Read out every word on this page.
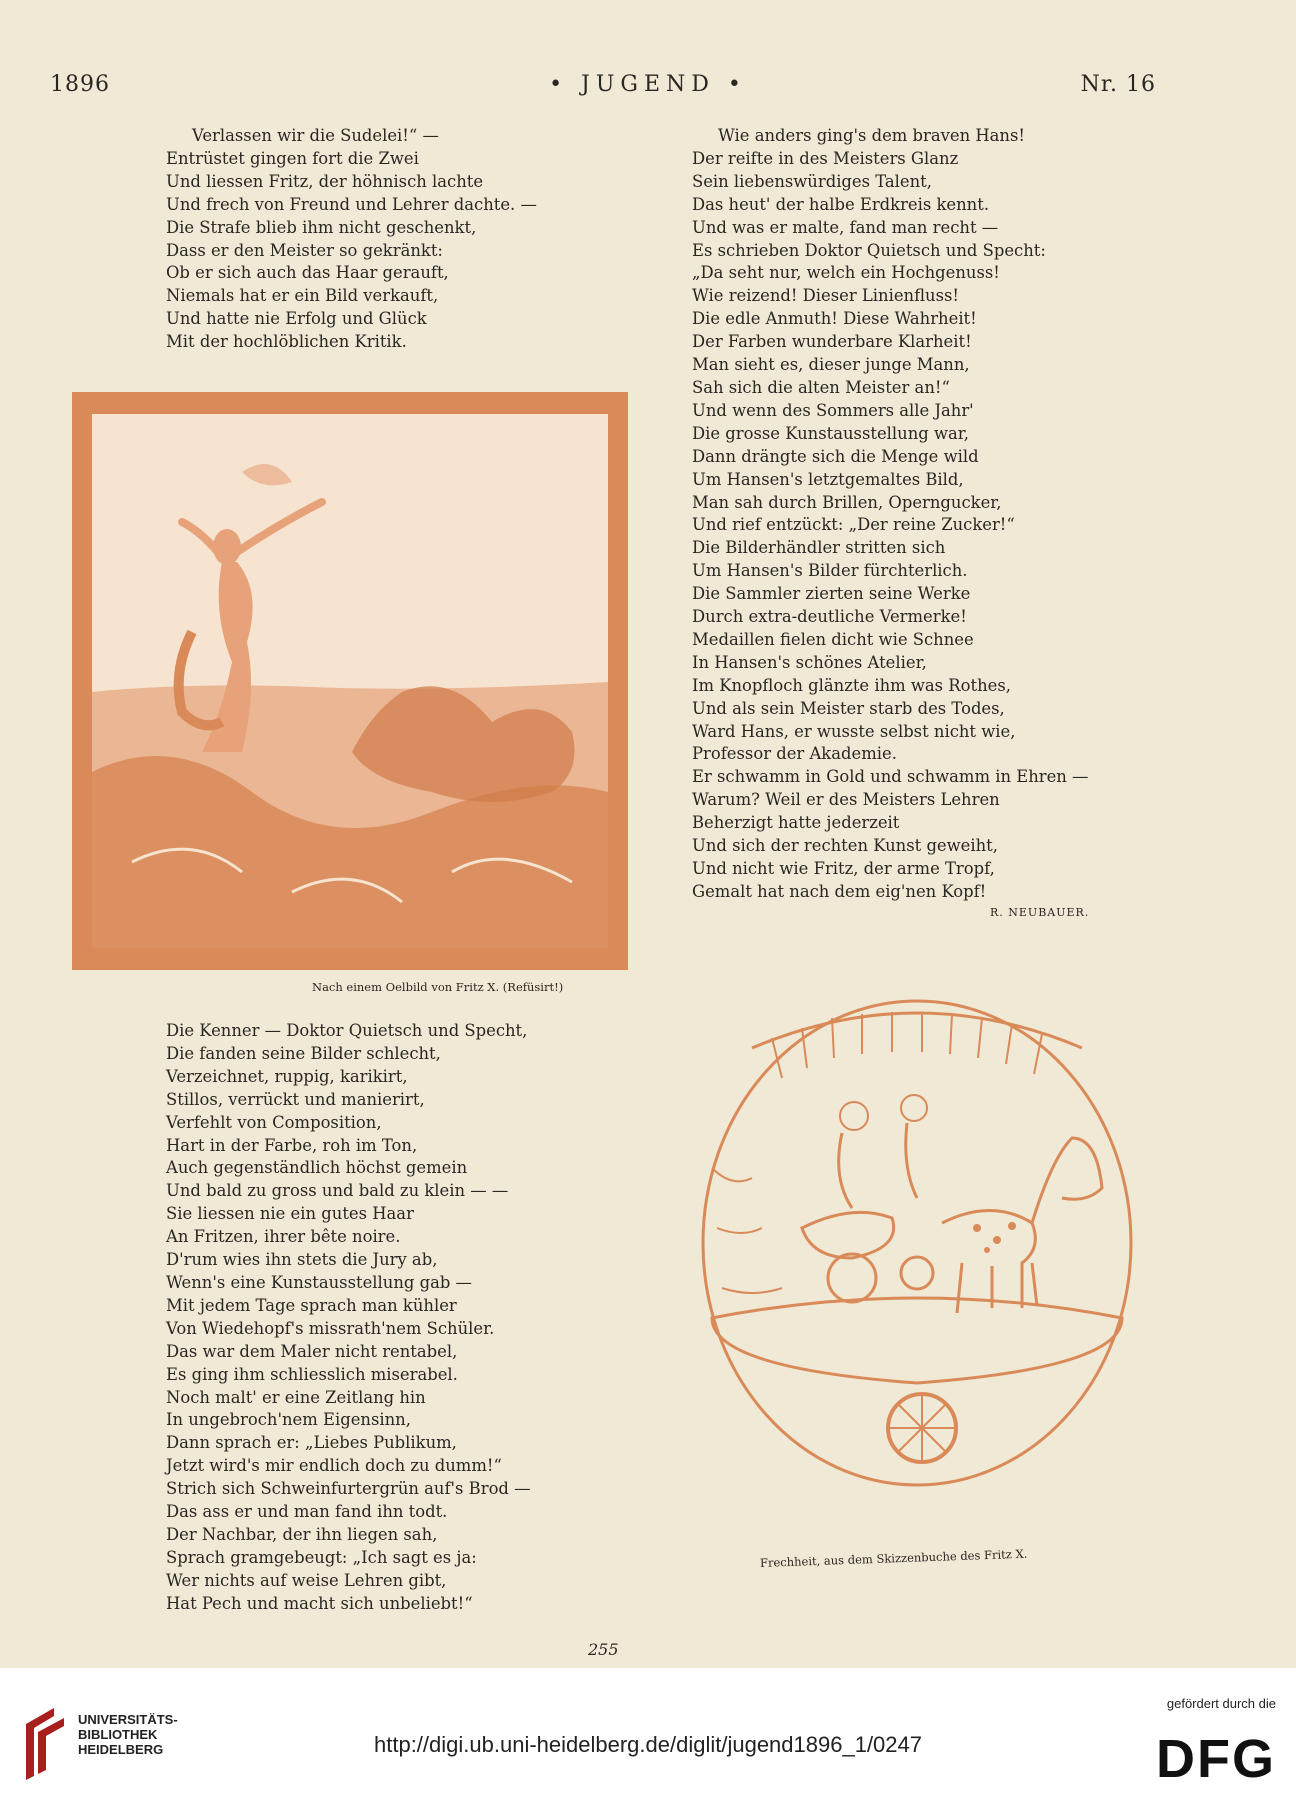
1896	• JUGEND •	Nr. 16
Verlassen wir die Sudelei!“ —
Entrüstet gingen fort die Zwei
Und liessen Fritz, der höhnisch lachte
Und frech von Freund und Lehrer dachte. —
Die Strafe blieb ihm nicht geschenkt,
Dass er den Meister so gekränkt:
Ob er sich auch das Haar gerauft,
Niemals hat er ein Bild verkauft,
Und hatte nie Erfolg und Glück
Mit der hochlöblichen Kritik.
Nach einem Oelbild von Fritz X. (Refüsirt!)
Wie anders ging's dem braven Hans!
Der reifte in des Meisters Glanz
Sein liebenswürdiges Talent,
Das heut' der halbe Erdkreis kennt.
Und was er malte, fand man recht —
Es schrieben Doktor Quietsch und Specht:
„Da seht nur, welch ein Hochgenuss!
Wie reizend! Dieser Linienfluss!
Die edle Anmuth! Diese Wahrheit!
Der Farben wunderbare Klarheit!
Man sieht es, dieser junge Mann,
Sah sich die alten Meister an!“
Und wenn des Sommers alle Jahr'
Die grosse Kunstausstellung war,
Dann drängte sich die Menge wild
Um Hansen's letztgemaltes Bild,
Man sah durch Brillen, Operngucker,
Und rief entzückt: „Der reine Zucker!“
Die Bilderhändler stritten sich
Um Hansen's Bilder fürchterlich.
Die Sammler zierten seine Werke
Durch extra-deutliche Vermerke!
Medaillen fielen dicht wie Schnee
In Hansen's schönes Atelier,
Im Knopfloch glänzte ihm was Rothes,
Und als sein Meister starb des Todes,
Ward Hans, er wusste selbst nicht wie,
Professor der Akademie.
Er schwamm in Gold und schwamm in Ehren —
Warum? Weil er des Meisters Lehren
Beherzigt hatte jederzeit
Und sich der rechten Kunst geweiht,
Und nicht wie Fritz, der arme Tropf,
Gemalt hat nach dem eig'nen Kopf!
R. NEUBAUER.
Frechheit, aus dem Skizzenbuche des Fritz X.
Die Kenner — Doktor Quietsch und Specht,
Die fanden seine Bilder schlecht,
Verzeichnet, ruppig, karikirt,
Stillos, verrückt und manierirt,
Verfehlt von Composition,
Hart in der Farbe, roh im Ton,
Auch gegenständlich höchst gemein
Und bald zu gross und bald zu klein — —
Sie liessen nie ein gutes Haar
An Fritzen, ihrer bête noire.
D'rum wies ihn stets die Jury ab,
Wenn's eine Kunstausstellung gab —
Mit jedem Tage sprach man kühler
Von Wiedehopf's missrath'nem Schüler.
Das war dem Maler nicht rentabel,
Es ging ihm schliesslich miserabel.
Noch malt' er eine Zeitlang hin
In ungebroch'nem Eigensinn,
Dann sprach er: „Liebes Publikum,
Jetzt wird's mir endlich doch zu dumm!“
Strich sich Schweinfurtergrün auf's Brod —
Das ass er und man fand ihn todt.
Der Nachbar, der ihn liegen sah,
Sprach gramgebeugt: „Ich sagt es ja:
Wer nichts auf weise Lehren gibt,
Hat Pech und macht sich unbeliebt!“
255
UNIVERSITÄTS-
BIBLIOTHEK
HEIDELBERG	http://digi.ub.uni-heidelberg.de/diglit/jugend1896_1/0247
gefördert durch die
DFG
